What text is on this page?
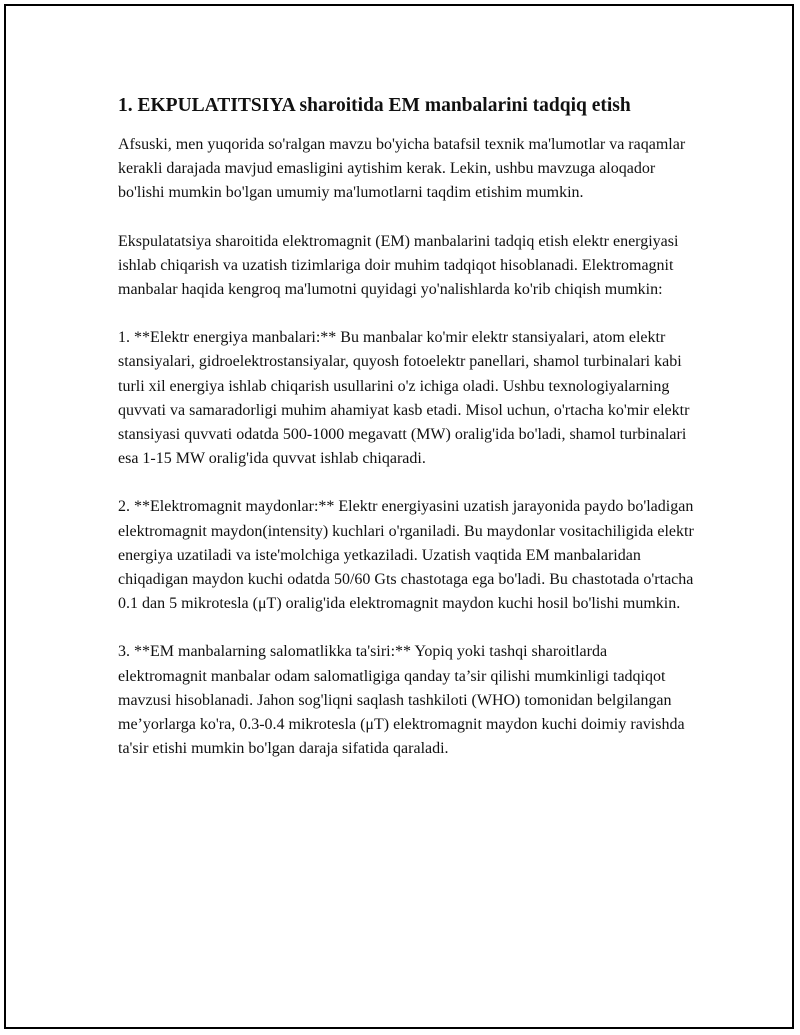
1. EKPULATITSIYA sharoitida EM manbalarini tadqiq etish

Afsuski, men yuqorida so'ralgan mavzu bo'yicha batafsil texnik ma'lumotlar va raqamlar kerakli darajada mavjud emasligini aytishim kerak. Lekin, ushbu mavzuga aloqador bo'lishi mumkin bo'lgan umumiy ma'lumotlarni taqdim etishim mumkin.

Ekspulatatsiya sharoitida elektromagnit (EM) manbalarini tadqiq etish elektr energiyasi ishlab chiqarish va uzatish tizimlariga doir muhim tadqiqot hisoblanadi. Elektromagnit manbalar haqida kengroq ma'lumotni quyidagi yo'nalishlarda ko'rib chiqish mumkin:

1. **Elektr energiya manbalari:** Bu manbalar ko'mir elektr stansiyalari, atom elektr stansiyalari, gidroelektrostansiyalar, quyosh fotoelektr panellari, shamol turbinalari kabi turli xil energiya ishlab chiqarish usullarini o'z ichiga oladi. Ushbu texnologiyalarning quvvati va samaradorligi muhim ahamiyat kasb etadi. Misol uchun, o'rtacha ko'mir elektr stansiyasi quvvati odatda 500-1000 megavatt (MW) oralig'ida bo'ladi, shamol turbinalari esa 1-15 MW oralig'ida quvvat ishlab chiqaradi.

2. **Elektromagnit maydonlar:** Elektr energiyasini uzatish jarayonida paydo bo'ladigan elektromagnit maydon(intensity) kuchlari o'rganiladi. Bu maydonlar vositachiligida elektr energiya uzatiladi va iste'molchiga yetkaziladi. Uzatish vaqtida EM manbalaridan chiqadigan maydon kuchi odatda 50/60 Gts chastotaga ega bo'ladi. Bu chastotada o'rtacha 0.1 dan 5 mikrotesla (μT) oralig'ida elektromagnit maydon kuchi hosil bo'lishi mumkin.

3. **EM manbalarning salomatlikka ta'siri:** Yopiq yoki tashqi sharoitlarda elektromagnit manbalar odam salomatligiga qanday ta’sir qilishi mumkinligi tadqiqot mavzusi hisoblanadi. Jahon sog'liqni saqlash tashkiloti (WHO) tomonidan belgilangan me’yorlarga ko'ra, 0.3-0.4 mikrotesla (μT) elektromagnit maydon kuchi doimiy ravishda ta'sir etishi mumkin bo'lgan daraja sifatida qaraladi.
